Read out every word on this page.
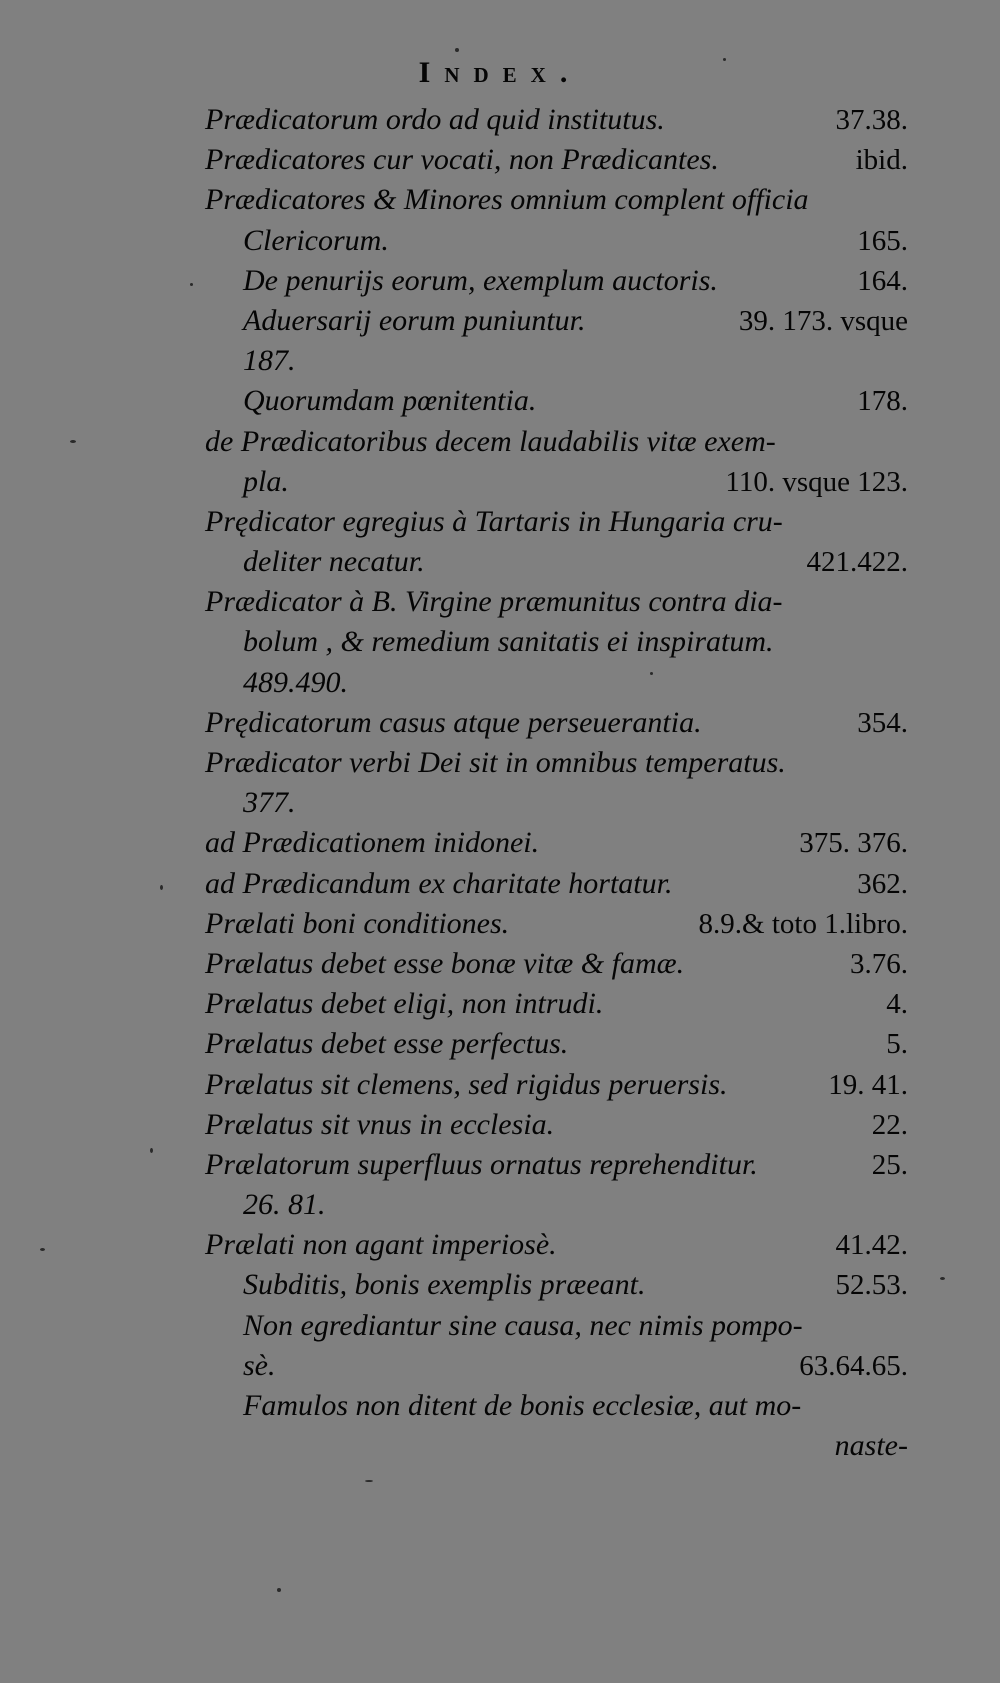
Index.
Prædicatorum ordo ad quid institutus.	37.38.
Prædicatores cur vocati, non Prædicantes.	ibid.
Prædicatores & Minores omnium complent officia
Clericorum.	165.
De penurijs eorum, exemplum auctoris.	164.
Aduersarij eorum puniuntur.	39. 173. vsque
187.
Quorumdam pœnitentia.	178.
de Prædicatoribus decem laudabilis vitæ exem-
pla.	110. vsque 123.
Prędicator egregius à Tartaris in Hungaria cru-
deliter necatur.	421.422.
Prædicator à B. Virgine præmunitus contra dia-
bolum , & remedium sanitatis ei inspiratum.
489.490.
Prędicatorum casus atque perseuerantia.	354.
Prædicator verbi Dei sit in omnibus temperatus.
377.
ad Prædicationem inidonei.	375. 376.
ad Prædicandum ex charitate hortatur.	362.
Prælati boni conditiones.	8.9.& toto 1.libro.
Prælatus debet esse bonæ vitæ & famæ.	3.76.
Prælatus debet eligi, non intrudi.	4.
Prælatus debet esse perfectus.	5.
Prælatus sit clemens, sed rigidus peruersis.	19. 41.
Prælatus sit vnus in ecclesia.	22.
Prælatorum superfluus ornatus reprehenditur.	25.
26. 81.
Prælati non agant imperiosè.	41.42.
Subditis, bonis exemplis præeant.	52.53.
Non egrediantur sine causa, nec nimis pompo-
sè.	63.64.65.
Famulos non ditent de bonis ecclesiæ, aut mo-
naste-
